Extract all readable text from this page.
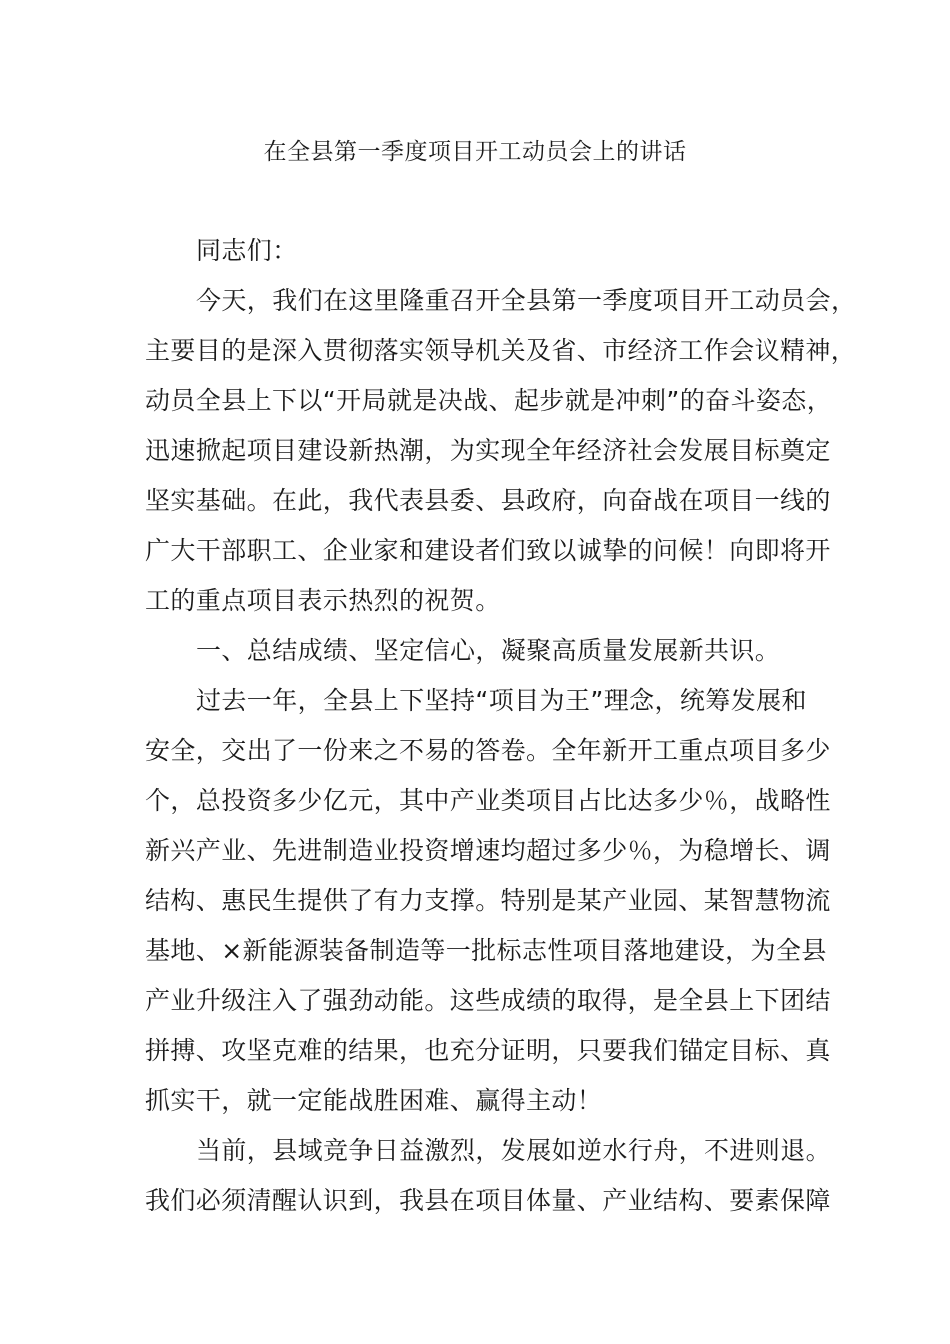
在全县第一季度项目开工动员会上的讲话
同志们：
今天，我们在这里隆重召开全县第一季度项目开工动员会，
主要目的是深入贯彻落实领导机关及省、市经济工作会议精神，
动员全县上下以“开局就是决战、起步就是冲刺”的奋斗姿态，
迅速掀起项目建设新热潮，为实现全年经济社会发展目标奠定
坚实基础。在此，我代表县委、县政府，向奋战在项目一线的
广大干部职工、企业家和建设者们致以诚挚的问候！向即将开
工的重点项目表示热烈的祝贺。
一、总结成绩、坚定信心，凝聚高质量发展新共识。
过去一年，全县上下坚持“项目为王”理念，统筹发展和
安全，交出了一份来之不易的答卷。全年新开工重点项目多少
个，总投资多少亿元，其中产业类项目占比达多少％，战略性
新兴产业、先进制造业投资增速均超过多少％，为稳增长、调
结构、惠民生提供了有力支撑。特别是某产业园、某智慧物流
基地、×新能源装备制造等一批标志性项目落地建设，为全县
产业升级注入了强劲动能。这些成绩的取得，是全县上下团结
拼搏、攻坚克难的结果，也充分证明，只要我们锚定目标、真
抓实干，就一定能战胜困难、赢得主动！
当前，县域竞争日益激烈，发展如逆水行舟，不进则退。
我们必须清醒认识到，我县在项目体量、产业结构、要素保障
